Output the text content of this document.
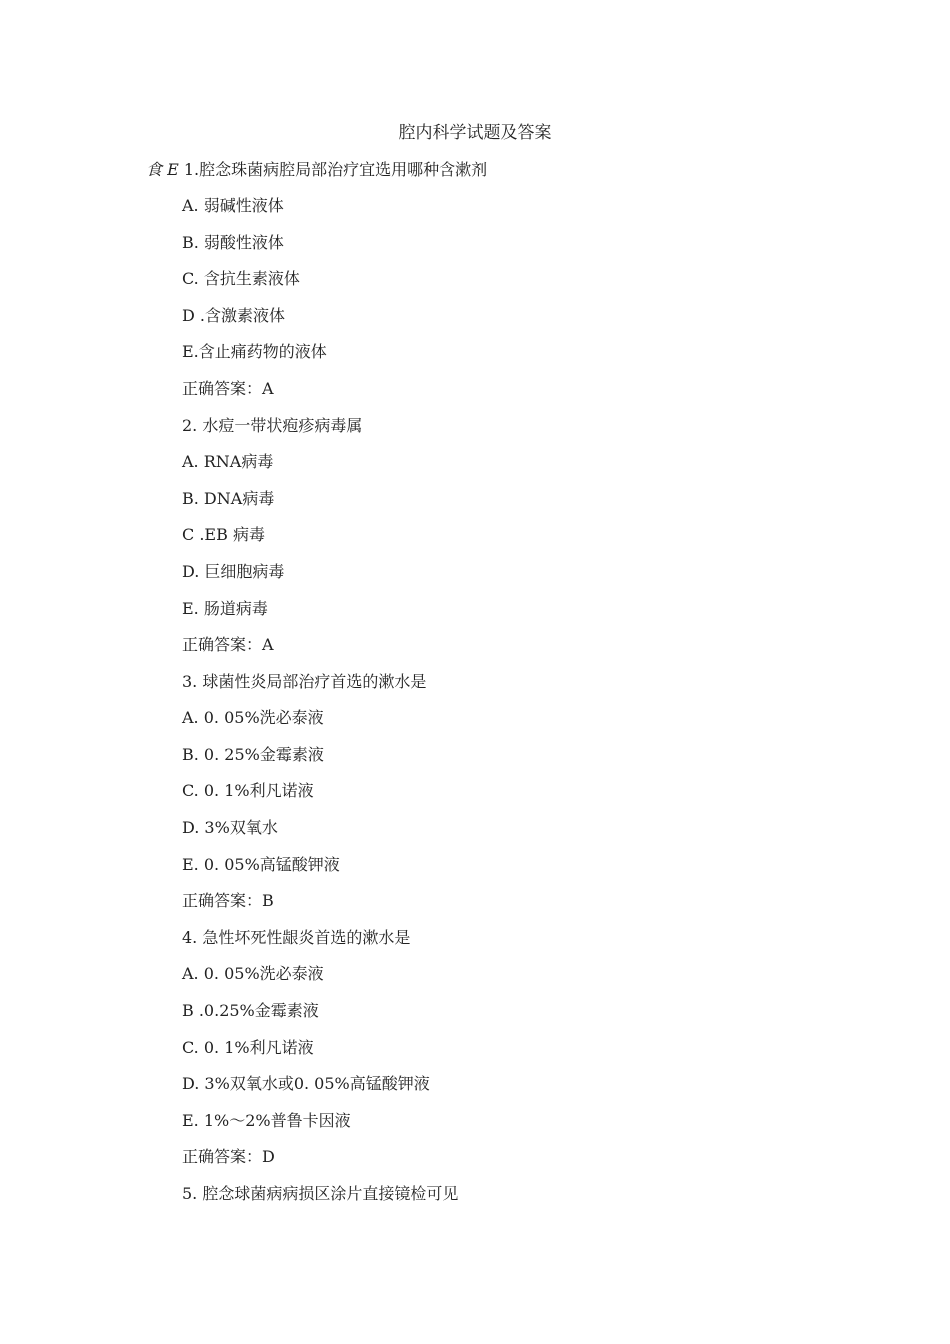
腔内科学试题及答案
食 E 1.腔念珠菌病腔局部治疗宜选用哪种含漱剂
A. 弱碱性液体
B. 弱酸性液体
C. 含抗生素液体
D .含激素液体
E.含止痛药物的液体
正确答案：A
2. 水痘一带状疱疹病毒属
A. RNA病毒
B. DNA病毒
C .EB 病毒
D. 巨细胞病毒
E. 肠道病毒
正确答案：A
3. 球菌性炎局部治疗首选的漱水是
A. 0. 05%洗必泰液
B. 0. 25%金霉素液
C. 0. 1%利凡诺液
D. 3%双氧水
E. 0. 05%高锰酸钾液
正确答案：B
4. 急性坏死性龈炎首选的漱水是
A. 0. 05%洗必泰液
B .0.25%金霉素液
C. 0. 1%利凡诺液
D. 3%双氧水或0. 05%高锰酸钾液
E. 1%〜2%普鲁卡因液
正确答案：D
5. 腔念球菌病病损区涂片直接镜检可见
